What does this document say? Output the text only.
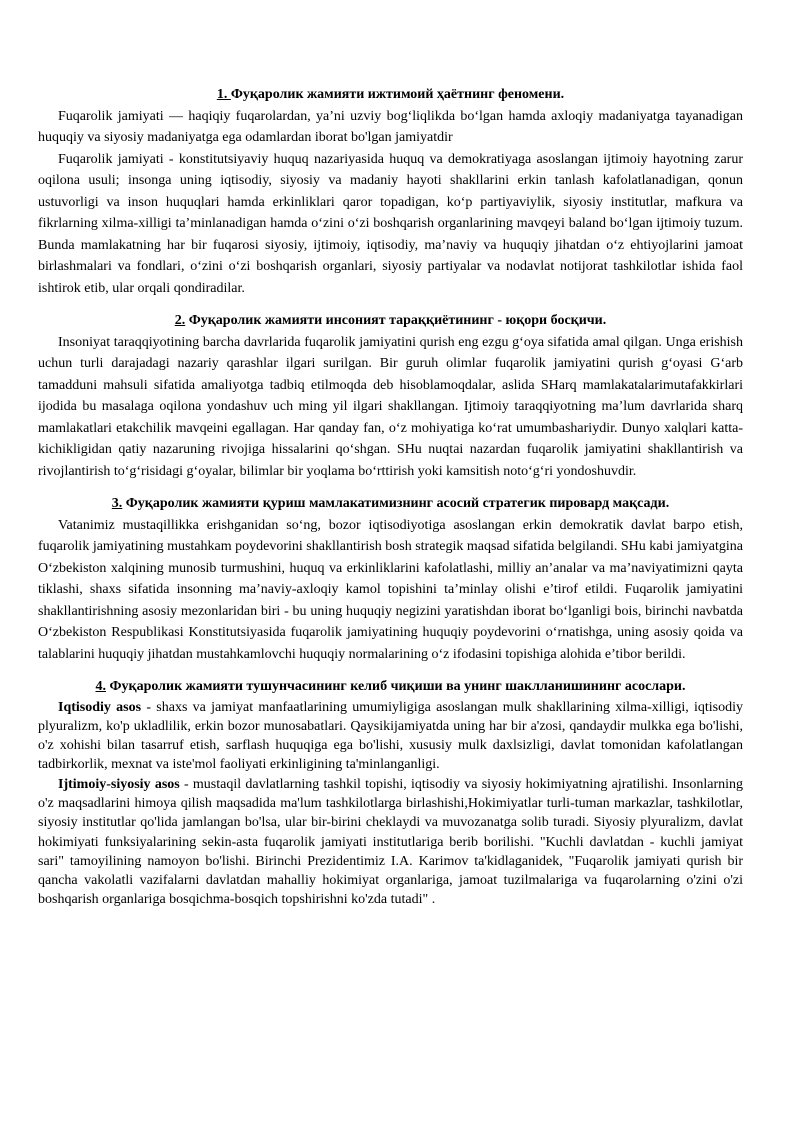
1. Фуқаролик жамияти ижтимоий ҳаётнинг феномени.

Fuqarolik jamiyati — haqiqiy fuqarolardan, ya’ni uzviy bog‘liqlikda bo‘lgan hamda axloqiy madaniyatga tayanadigan huquqiy va siyosiy madaniyatga ega odamlardan iborat bo'lgan jamiyatdir

Fuqarolik jamiyati - konstitutsiyaviy huquq nazariyasida huquq va demokratiyaga asoslangan ijtimoiy hayotning zarur oqilona usuli; insonga uning iqtisodiy, siyosiy va madaniy hayoti shakllarini erkin tanlash kafolatlanadigan, qonun ustuvorligi va inson huquqlari hamda erkinliklari qaror topadigan, ko‘p partiyaviylik, siyosiy institutlar, mafkura va fikrlarning xilma-xilligi ta’minlanadigan hamda o‘zini o‘zi boshqarish organlarining mavqeyi baland bo‘lgan ijtimoiy tuzum. Bunda mamlakatning har bir fuqarosi siyosiy, ijtimoiy, iqtisodiy, ma’naviy va huquqiy jihatdan o‘z ehtiyojlarini jamoat birlashmalari va fondlari, o‘zini o‘zi boshqarish organlari, siyosiy partiyalar va nodavlat notijorat tashkilotlar ishida faol ishtirok etib, ular orqali qondiradilar.

2. Фуқаролик жамияти инсоният тараққиётининг - юқори босқичи.

Insoniyat taraqqiyotining barcha davrlarida fuqarolik jamiyatini qurish eng ezgu g‘oya sifatida amal qilgan. Unga erishish uchun turli darajadagi nazariy qarashlar ilgari surilgan. Bir guruh olimlar fuqarolik jamiyatini qurish g‘oyasi G‘arb tamadduni mahsuli sifatida amaliyotga tadbiq etilmoqda deb hisoblamoqdalar, aslida SHarq mamlakatalarimutafakkirlari ijodida bu masalaga oqilona yondashuv uch ming yil ilgari shakllangan. Ijtimoiy taraqqiyotning ma’lum davrlarida sharq mamlakatlari etakchilik mavqeini egallagan. Har qanday fan, o‘z mohiyatiga ko‘rat umumbashariydir. Dunyo xalqlari katta-kichikligidan qatiy nazaruning rivojiga hissalarini qo‘shgan. SHu nuqtai nazardan fuqarolik jamiyatini shakllantirish va rivojlantirish to‘g‘risidagi g‘oyalar, bilimlar bir yoqlama bo‘rttirish yoki kamsitish noto‘g‘ri yondoshuvdir.

3. Фуқаролик жамияти қуриш мамлакатимизнинг асосий стратегик пировард мақсади.

Vatanimiz mustaqillikka erishganidan so‘ng, bozor iqtisodiyotiga asoslangan erkin demokratik davlat barpo etish, fuqarolik jamiyatining mustahkam poydevorini shakllantirish bosh strategik maqsad sifatida belgilandi. SHu kabi jamiyatgina O‘zbekiston xalqining munosib turmushini, huquq va erkinliklarini kafolatlashi, milliy an’analar va ma’naviyatimizni qayta tiklashi, shaxs sifatida insonning ma’naviy-axloqiy kamol topishini ta’minlay olishi e’tirof etildi. Fuqarolik jamiyatini shakllantirishning asosiy mezonlaridan biri - bu uning huquqiy negizini yaratishdan iborat bo‘lganligi bois, birinchi navbatda O‘zbekiston Respublikasi Konstitutsiyasida fuqarolik jamiyatining huquqiy poydevorini o‘rnatishga, uning asosiy qoida va talablarini huquqiy jihatdan mustahkamlovchi huquqiy normalarining o‘z ifodasini topishiga alohida e’tibor berildi.

4. Фуқаролик жамияти тушунчасининг келиб чиқиши ва унинг шаклланишининг асослари.

Iqtisodiy asos - shaxs va jamiyat manfaatlarining umumiyligiga asoslangan mulk shakllarining xilma-xilligi, iqtisodiy plyuralizm, ko'p ukladlilik, erkin bozor munosabatlari. Qaysikijamiyatda uning har bir a'zosi, qandaydir mulkka ega bo'lishi, o'z xohishi bilan tasarruf etish, sarflash huquqiga ega bo'lishi, xususiy mulk daxlsizligi, davlat tomonidan kafolatlangan tadbirkorlik, mexnat va iste'mol faoliyati erkinligining ta'minlanganligi.

Ijtimoiy-siyosiy asos - mustaqil davlatlarning tashkil topishi, iqtisodiy va siyosiy hokimiyatning ajratilishi. Insonlarning o'z maqsadlarini himoya qilish maqsadida ma'lum tashkilotlarga birlashishi,Hokimiyatlar turli-tuman markazlar, tashkilotlar, siyosiy institutlar qo'lida jamlangan bo'lsa, ular bir-birini cheklaydi va muvozanatga solib turadi. Siyosiy plyuralizm, davlat hokimiyati funksiyalarining sekin-asta fuqarolik jamiyati institutlariga berib borilishi. "Kuchli davlatdan - kuchli jamiyat sari" tamoyilining namoyon bo'lishi. Birinchi Prezidentimiz I.A. Karimov ta'kidlaganidek, "Fuqarolik jamiyati qurish bir qancha vakolatli vazifalarni davlatdan mahalliy hokimiyat organlariga, jamoat tuzilmalariga va fuqarolarning o'zini o'zi boshqarish organlariga bosqichma-bosqich topshirishni ko'zda tutadi" .
